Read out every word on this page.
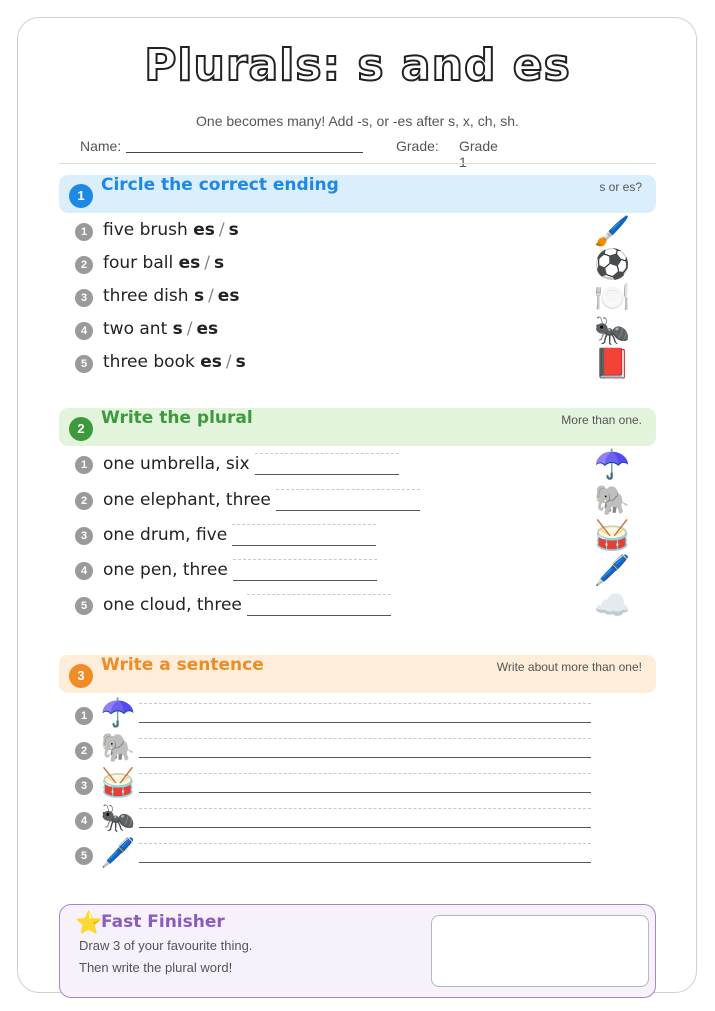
Plurals: s and es
One becomes many! Add -s, or -es after s, x, ch, sh.
Name:	Grade: Grade 1
1
Circle the correct ending	s or es?
1 five brush es / s	🖌️
2 four ball es / s	⚽
3 three dish s / es	🍽️
4 two ant s / es	🐜
5 three book es / s	📕
2
Write the plural	More than one.
1 one umbrella, six	☂️
2 one elephant, three	🐘
3 one drum, five	🥁
4 one pen, three	🖊️
5 one cloud, three	☁️
3
Write a sentence	Write about more than one!
1 ☂️
2 🐘
3 🥁
4 🐜
5 🖊️
⭐
Fast Finisher
Draw 3 of your favourite thing.
Then write the plural word!
